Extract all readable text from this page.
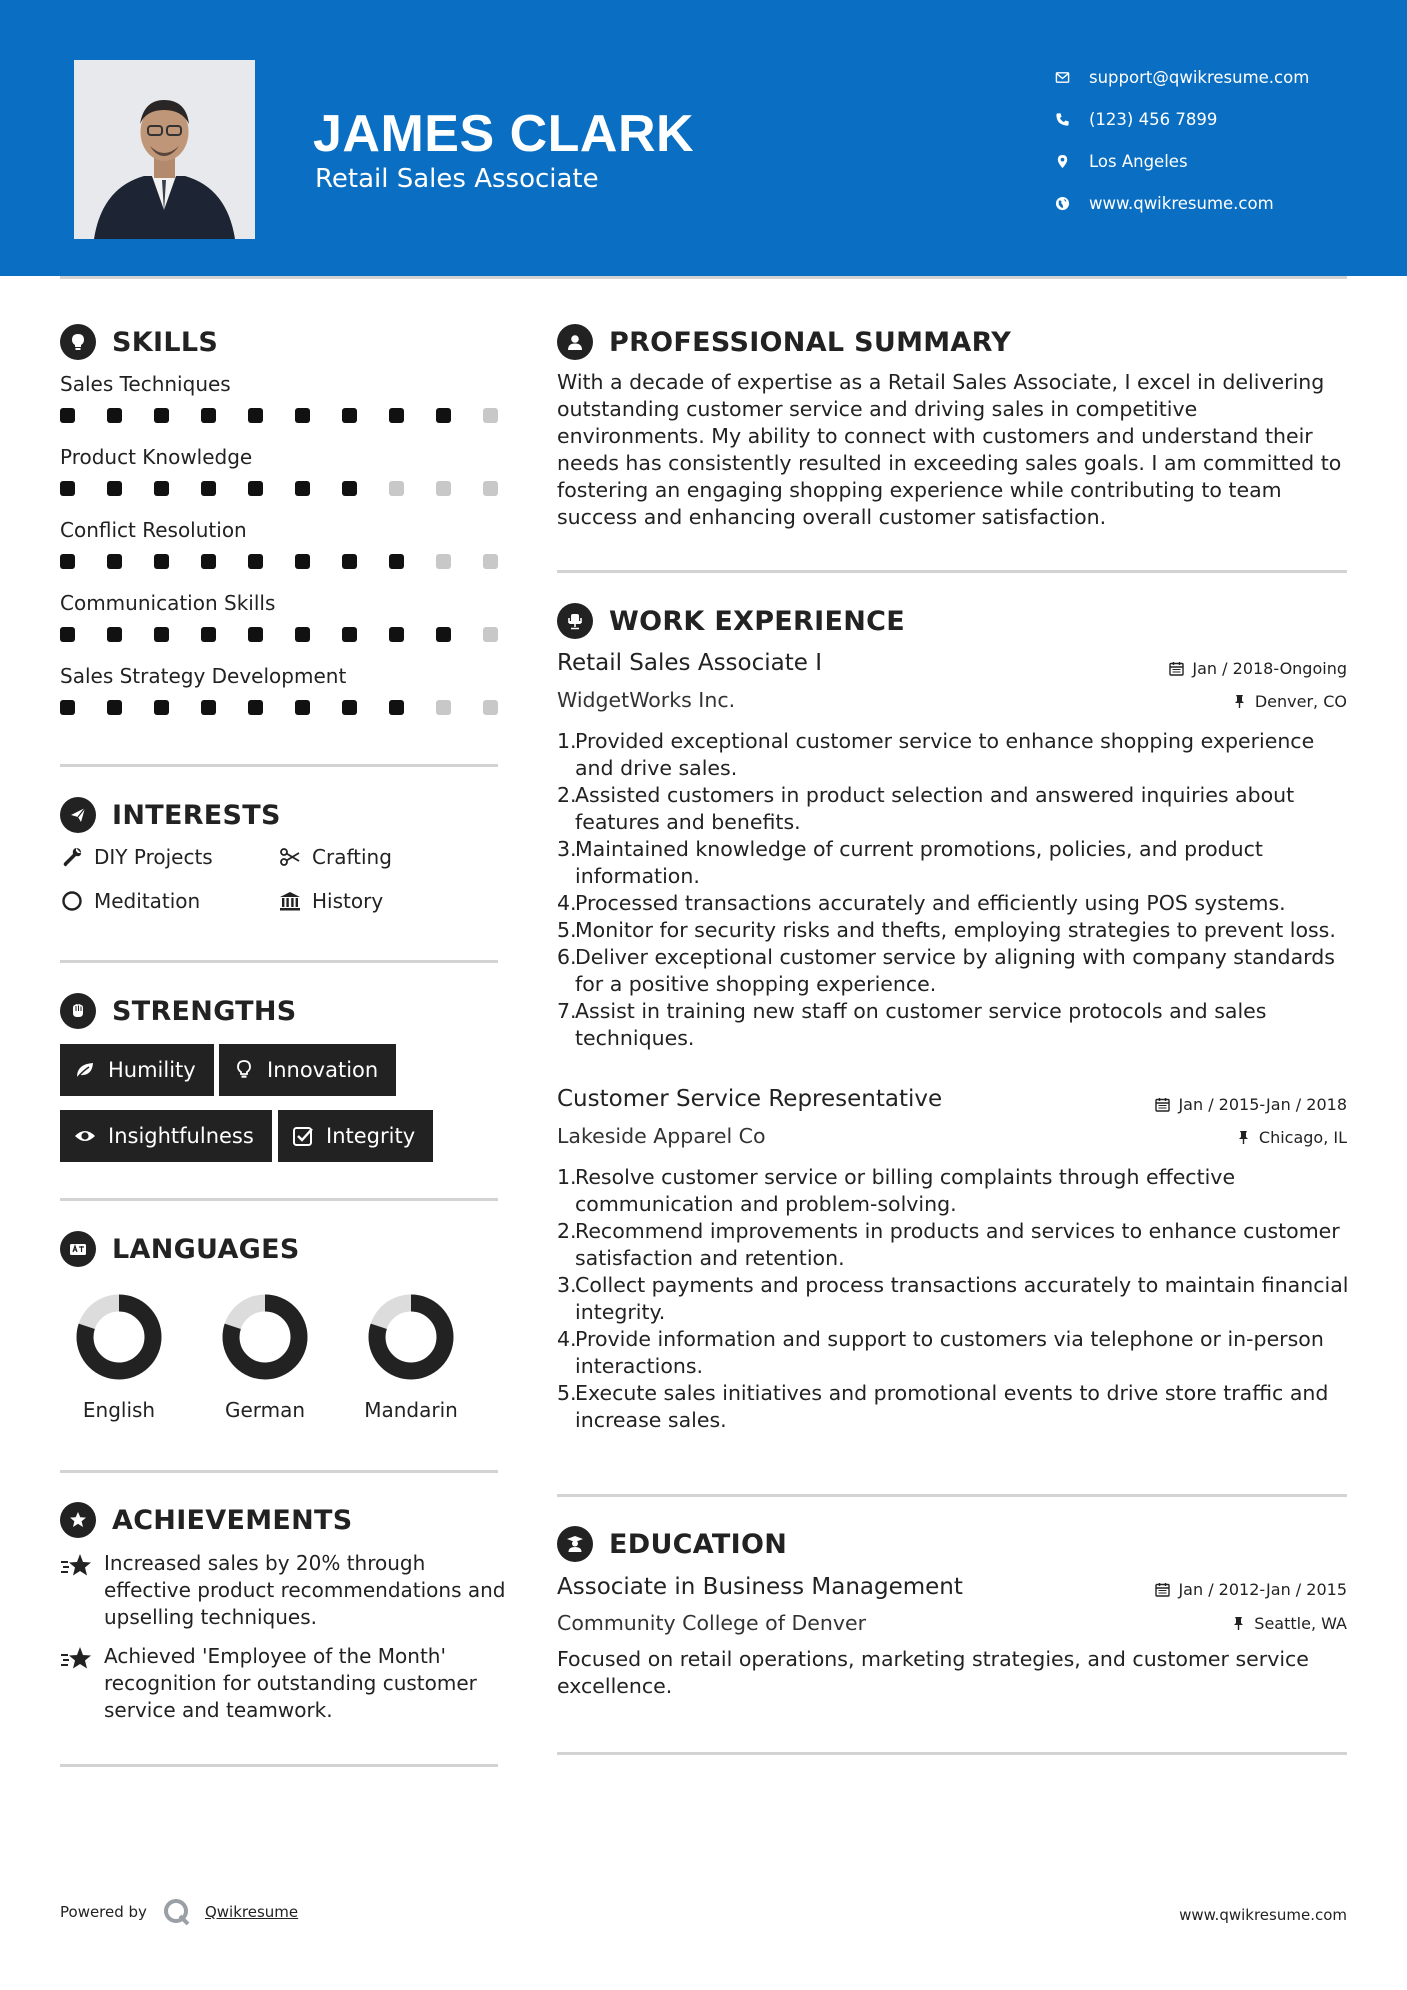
JAMES CLARK
Retail Sales Associate
support@qwikresume.com
(123) 456 7899
Los Angeles
www.qwikresume.com
SKILLS
Sales Techniques
Product Knowledge
Conflict Resolution
Communication Skills
Sales Strategy Development
INTERESTS
DIY Projects	Crafting
Meditation	History
STRENGTHS
Humility	Innovation
Insightfulness	Integrity
LANGUAGES
English	German	Mandarin
ACHIEVEMENTS
Increased sales by 20% through effective product recommendations and upselling techniques.
Achieved 'Employee of the Month' recognition for outstanding customer service and teamwork.
PROFESSIONAL SUMMARY
With a decade of expertise as a Retail Sales Associate, I excel in delivering outstanding customer service and driving sales in competitive environments. My ability to connect with customers and understand their needs has consistently resulted in exceeding sales goals. I am committed to fostering an engaging shopping experience while contributing to team success and enhancing overall customer satisfaction.
WORK EXPERIENCE
Retail Sales Associate I	Jan / 2018-Ongoing
WidgetWorks Inc.	Denver, CO
1.
Provided exceptional customer service to enhance shopping experience and drive sales.
2.
Assisted customers in product selection and answered inquiries about features and benefits.
3.
Maintained knowledge of current promotions, policies, and product information.
4.
Processed transactions accurately and efficiently using POS systems.
5.
Monitor for security risks and thefts, employing strategies to prevent loss.
6.
Deliver exceptional customer service by aligning with company standards for a positive shopping experience.
7.
Assist in training new staff on customer service protocols and sales techniques.
Customer Service Representative	Jan / 2015-Jan / 2018
Lakeside Apparel Co	Chicago, IL
1.
Resolve customer service or billing complaints through effective communication and problem-solving.
2.
Recommend improvements in products and services to enhance customer satisfaction and retention.
3.
Collect payments and process transactions accurately to maintain financial integrity.
4.
Provide information and support to customers via telephone or in-person interactions.
5.
Execute sales initiatives and promotional events to drive store traffic and increase sales.
EDUCATION
Associate in Business Management	Jan / 2012-Jan / 2015
Community College of Denver	Seattle, WA
Focused on retail operations, marketing strategies, and customer service excellence.
Powered by	Qwikresume	www.qwikresume.com
